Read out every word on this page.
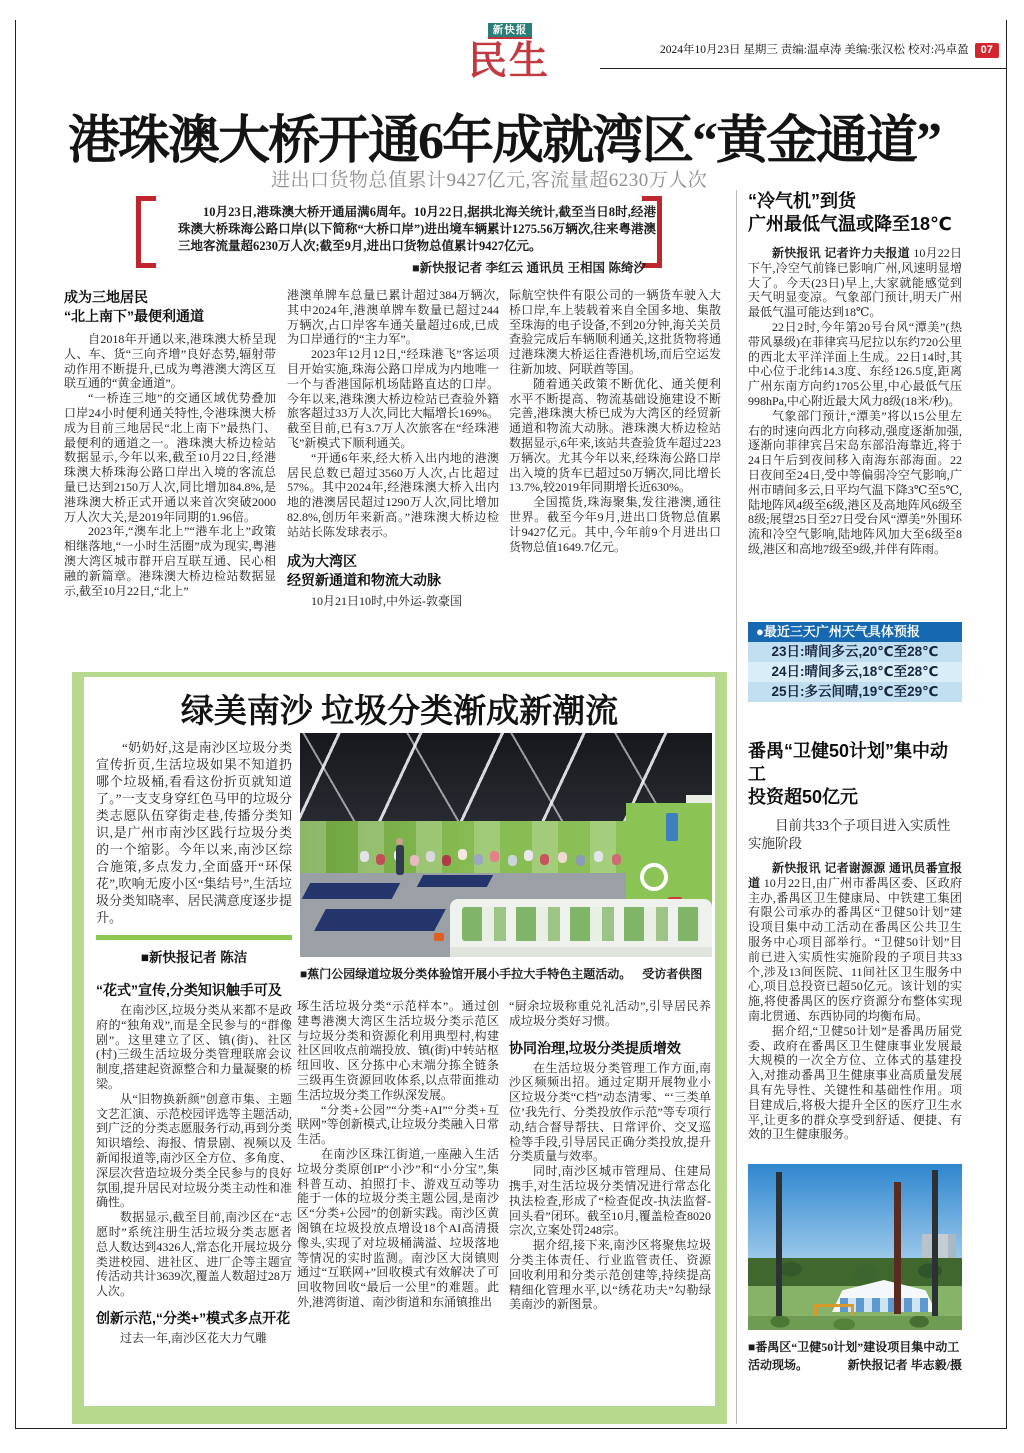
新快报
民生	2024年10月23日 星期三 责编:温卓涛 美编:张汉松 校对:冯卓盈	07
港珠澳大桥开通6年成就湾区“黄金通道”
进出口货物总值累计9427亿元,客流量超6230万人次

10月23日,港珠澳大桥开通届满6周年。10月22日,据拱北海关统计,截至当日8时,经港珠澳大桥珠海公路口岸(以下简称“大桥口岸”)进出境车辆累计1275.56万辆次,往来粤港澳三地客流量超6230万人次;截至9月,进出口货物总值累计9427亿元。

■新快报记者 李红云 通讯员 王相国 陈绮汐
成为三地居民
“北上南下”最便利通道

自2018年开通以来,港珠澳大桥呈现人、车、货“三向齐增”良好态势,辐射带动作用不断提升,已成为粤港澳大湾区互联互通的“黄金通道”。

“一桥连三地”的交通区域优势叠加口岸24小时便利通关特性,令港珠澳大桥成为目前三地居民“北上南下”最热门、最便利的通道之一。港珠澳大桥边检站数据显示,今年以来,截至10月22日,经港珠澳大桥珠海公路口岸出入境的客流总量已达到2150万人次,同比增加84.8%,是港珠澳大桥正式开通以来首次突破2000万人次大关,是2019年同期的1.96倍。

2023年,“澳车北上”“港车北上”政策相继落地,“一小时生活圈”成为现实,粤港澳大湾区城市群开启互联互通、民心相融的新篇章。港珠澳大桥边检站数据显示,截至10月22日,“北上”

港澳单牌车总量已累计超过384万辆次,其中2024年,港澳单牌车数量已超过244万辆次,占口岸客车通关量超过6成,已成为口岸通行的“主力军”。

2023年12月12日,“经珠港飞”客运项目开始实施,珠海公路口岸成为内地唯一一个与香港国际机场陆路直达的口岸。今年以来,港珠澳大桥边检站已查验外籍旅客超过33万人次,同比大幅增长169%。截至目前,已有3.7万人次旅客在“经珠港飞”新模式下顺利通关。

“开通6年来,经大桥入出内地的港澳居民总数已超过3560万人次,占比超过57%。其中2024年,经港珠澳大桥入出内地的港澳居民超过1290万人次,同比增加82.8%,创历年来新高。”港珠澳大桥边检站站长陈发球表示。

成为大湾区
经贸新通道和物流大动脉

10月21日10时,中外运-敦豪国

际航空快件有限公司的一辆货车驶入大桥口岸,车上装载着来自全国多地、集散至珠海的电子设备,不到20分钟,海关关员查验完成后车辆顺利通关,这批货物将通过港珠澳大桥运往香港机场,而后空运发往新加坡、阿联酋等国。

随着通关政策不断优化、通关便利水平不断提高、物流基础设施建设不断完善,港珠澳大桥已成为大湾区的经贸新通道和物流大动脉。港珠澳大桥边检站数据显示,6年来,该站共查验货车超过223万辆次。尤其今年以来,经珠海公路口岸出入境的货车已超过50万辆次,同比增长13.7%,较2019年同期增长近630%。

全国揽货,珠海聚集,发往港澳,通往世界。截至今年9月,进出口货物总值累计9427亿元。其中,今年前9个月进出口货物总值1649.7亿元。

“冷气机”到货
广州最低气温或降至18℃

新快报讯 记者许力夫报道 10月22日下午,冷空气前锋已影响广州,风速明显增大了。今天(23日)早上,大家就能感觉到天气明显变凉。气象部门预计,明天广州最低气温可能达到18℃。

22日2时,今年第20号台风“潭美”(热带风暴级)在菲律宾马尼拉以东约720公里的西北太平洋洋面上生成。22日14时,其中心位于北纬14.3度、东经126.5度,距离广州东南方向约1705公里,中心最低气压998hPa,中心附近最大风力8级(18米/秒)。

气象部门预计,“潭美”将以15公里左右的时速向西北方向移动,强度逐渐加强,逐渐向菲律宾吕宋岛东部沿海靠近,将于24日午后到夜间移入南海东部海面。22日夜间至24日,受中等偏弱冷空气影响,广州市晴间多云,日平均气温下降3℃至5℃,陆地阵风4级至6级,港区及高地阵风6级至8级;展望25日至27日受台风“潭美”外围环流和冷空气影响,陆地阵风加大至6级至8级,港区和高地7级至9级,并伴有阵雨。

●最近三天广州天气具体预报
23日:晴间多云,20℃至28℃
24日:晴间多云,18℃至28℃
25日:多云间晴,19℃至29℃
番禺“卫健50计划”集中动工
投资超50亿元

目前共33个子项目进入实质性实施阶段

新快报讯 记者谢源源 通讯员番宣报道 10月22日,由广州市番禺区委、区政府主办,番禺区卫生健康局、中铁建工集团有限公司承办的番禺区“卫健50计划”建设项目集中动工活动在番禺区公共卫生服务中心项目部举行。“卫健50计划”目前已进入实质性实施阶段的子项目共33个,涉及13间医院、11间社区卫生服务中心,项目总投资已超50亿元。该计划的实施,将使番禺区的医疗资源分布整体实现南北贯通、东西协同的均衡布局。

据介绍,“卫健50计划”是番禺历届党委、政府在番禺区卫生健康事业发展最大规模的一次全方位、立体式的基建投入,对推动番禺卫生健康事业高质量发展具有先导性、关键性和基础性作用。项目建成后,将极大提升全区的医疗卫生水平,让更多的群众享受到舒适、便捷、有效的卫生健康服务。

■番禺区“卫健50计划”建设项目集中动工

活动现场。	新快报记者 毕志毅/摄
绿美南沙 垃圾分类渐成新潮流

“奶奶好,这是南沙区垃圾分类宣传折页,生活垃圾如果不知道扔哪个垃圾桶,看看这份折页就知道了。”一支支身穿红色马甲的垃圾分类志愿队伍穿街走巷,传播分类知识,是广州市南沙区践行垃圾分类的一个缩影。今年以来,南沙区综合施策,多点发力,全面盛开“环保花”,吹响无废小区“集结号”,生活垃圾分类知晓率、居民满意度逐步提升。

■新快报记者 陈洁
“花式”宣传,分类知识触手可及

在南沙区,垃圾分类从来都不是政府的“独角戏”,而是全民参与的“群像剧”。这里建立了区、镇(街)、社区(村)三级生活垃圾分类管理联席会议制度,搭建起资源整合和力量凝聚的桥梁。

从“旧物换新颜”创意市集、主题文艺汇演、示范校园评选等主题活动,到广泛的分类志愿服务行动,再到分类知识墙绘、海报、情景剧、视频以及新闻报道等,南沙区全方位、多角度、深层次营造垃圾分类全民参与的良好氛围,提升居民对垃圾分类主动性和准确性。

数据显示,截至目前,南沙区在“志愿时”系统注册生活垃圾分类志愿者总人数达到4326人,常态化开展垃圾分类进校园、进社区、进厂企等主题宣传活动共计3639次,覆盖人数超过28万人次。

创新示范,“分类+”模式多点开花

过去一年,南沙区花大力气雕

■蕉门公园绿道垃圾分类体验馆开展小手拉大手特色主题活动。 受访者供图

琢生活垃圾分类“示范样本”。通过创建粤港澳大湾区生活垃圾分类示范区与垃圾分类和资源化利用典型村,构建社区回收点前端投放、镇(街)中转站枢纽回收、区分拣中心末端分拣全链条三级再生资源回收体系,以点带面推动生活垃圾分类工作纵深发展。

“分类+公园”“分类+AI”“分类+互联网”等创新模式,让垃圾分类融入日常生活。

在南沙区珠江街道,一座融入生活垃圾分类原创IP“小沙”和“小分宝”,集科普互动、拍照打卡、游戏互动等功能于一体的垃圾分类主题公园,是南沙区“分类+公园”的创新实践。南沙区黄阁镇在垃圾投放点增设18个AI高清摄像头,实现了对垃圾桶满溢、垃圾落地等情况的实时监测。南沙区大岗镇则通过“互联网+”回收模式有效解决了可回收物回收“最后一公里”的难题。此外,港湾街道、南沙街道和东涌镇推出

“厨余垃圾称重兑礼活动”,引导居民养成垃圾分类好习惯。

协同治理,垃圾分类提质增效

在生活垃圾分类管理工作方面,南沙区频频出招。通过定期开展物业小区垃圾分类“C档”动态清零、“‘三类单位’我先行、分类投放作示范”等专项行动,结合督导帮扶、日常评价、交叉巡检等手段,引导居民正确分类投放,提升分类质量与效率。

同时,南沙区城市管理局、住建局携手,对生活垃圾分类情况进行常态化执法检查,形成了“检查促改-执法监督-回头看”闭环。截至10月,覆盖检查8020宗次,立案处罚248宗。

据介绍,接下来,南沙区将聚焦垃圾分类主体责任、行业监管责任、资源回收利用和分类示范创建等,持续提高精细化管理水平,以“绣花功夫”勾勒绿美南沙的新图景。
